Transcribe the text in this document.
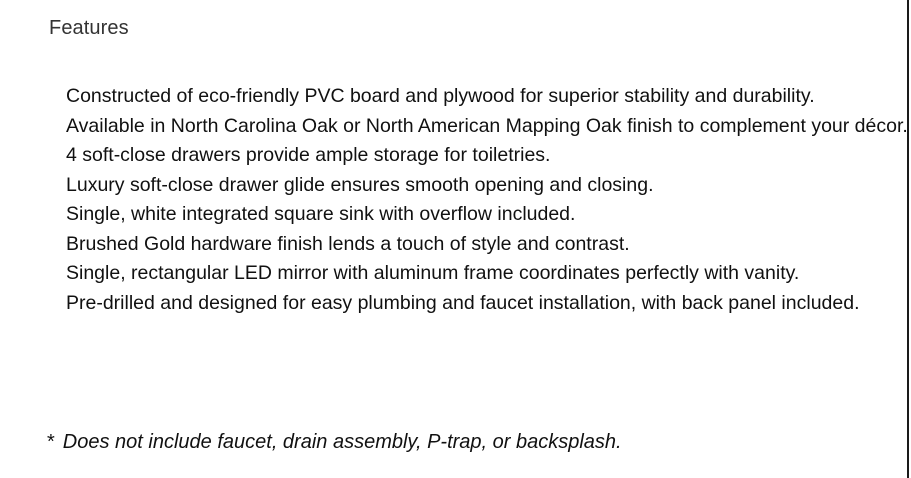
Features
Constructed of eco-friendly PVC board and plywood for superior stability and durability.
Available in North Carolina Oak or North American Mapping Oak finish to complement your décor.
4 soft-close drawers provide ample storage for toiletries.
Luxury soft-close drawer glide ensures smooth opening and closing.
Single, white integrated square sink with overflow included.
Brushed Gold hardware finish lends a touch of style and contrast.
Single, rectangular LED mirror with aluminum frame coordinates perfectly with vanity.
Pre-drilled and designed for easy plumbing and faucet installation, with back panel included.
* Does not include faucet, drain assembly, P-trap, or backsplash.
